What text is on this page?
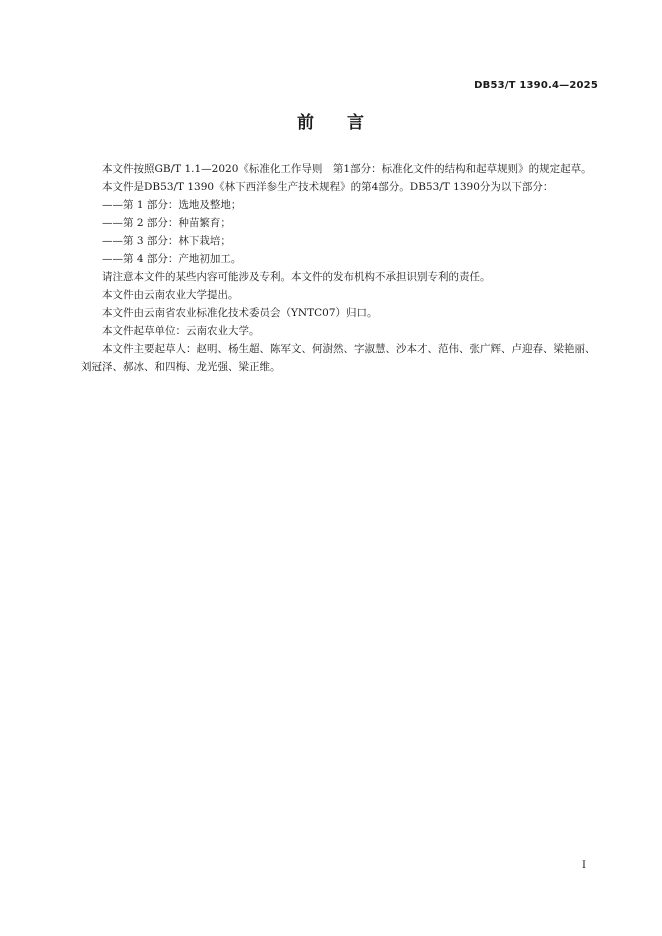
DB53/T 1390.4—2025
前 言

本文件按照GB/T 1.1—2020《标准化工作导则　第1部分：标准化文件的结构和起草规则》的规定起草。

本文件是DB53/T 1390《林下西洋参生产技术规程》的第4部分。DB53/T 1390分为以下部分：

——第 1 部分：选地及整地；

——第 2 部分：种苗繁育；

——第 3 部分：林下栽培；

——第 4 部分：产地初加工。

请注意本文件的某些内容可能涉及专利。本文件的发布机构不承担识别专利的责任。

本文件由云南农业大学提出。

本文件由云南省农业标准化技术委员会（YNTC07）归口。

本文件起草单位：云南农业大学。

本文件主要起草人：赵明、杨生超、陈军文、何澍然、字淑慧、沙本才、范伟、张广辉、卢迎春、梁艳丽、刘冠泽、郝冰、和四梅、龙光强、梁正维。

I
